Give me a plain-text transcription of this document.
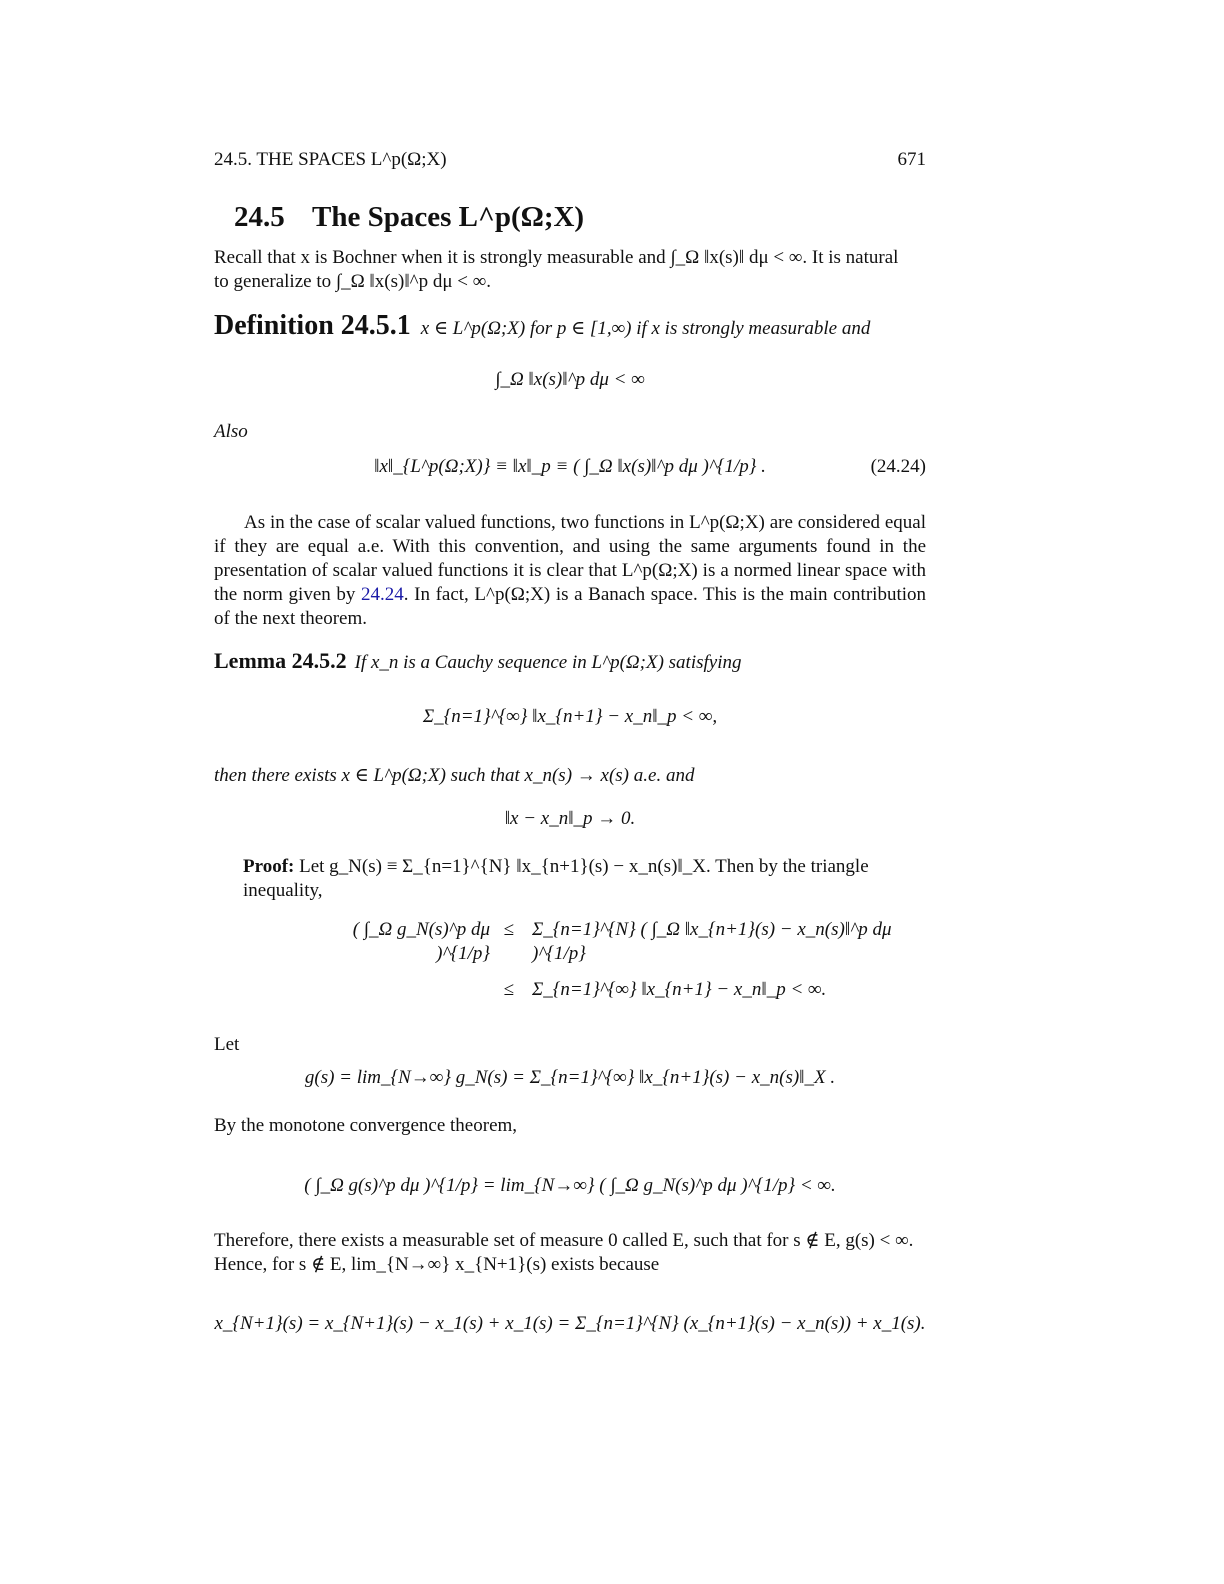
24.5. THE SPACES L^p(Ω;X)	671
24.5 The Spaces L^p(Ω;X)
Recall that x is Bochner when it is strongly measurable and ∫_Ω ‖x(s)‖ dμ < ∞. It is natural
to generalize to ∫_Ω ‖x(s)‖^p dμ < ∞.
Definition 24.5.1 x ∈ L^p(Ω;X) for p ∈ [1,∞) if x is strongly measurable and
∫_Ω ‖x(s)‖^p dμ < ∞
Also
‖x‖_{L^p(Ω;X)} ≡ ‖x‖_p ≡ ( ∫_Ω ‖x(s)‖^p dμ )^{1/p} .	(24.24)
As in the case of scalar valued functions, two functions in L^p(Ω;X) are considered equal if they are equal a.e. With this convention, and using the same arguments found in the presentation of scalar valued functions it is clear that L^p(Ω;X) is a normed linear space with the norm given by 24.24. In fact, L^p(Ω;X) is a Banach space. This is the main contribution of the next theorem.
Lemma 24.5.2 If x_n is a Cauchy sequence in L^p(Ω;X) satisfying
Σ_{n=1}^{∞} ‖x_{n+1} − x_n‖_p < ∞,
then there exists x ∈ L^p(Ω;X) such that x_n(s) → x(s) a.e. and
‖x − x_n‖_p → 0.
Proof: Let g_N(s) ≡ Σ_{n=1}^{N} ‖x_{n+1}(s) − x_n(s)‖_X. Then by the triangle inequality,
( ∫_Ω g_N(s)^p dμ )^{1/p}
≤ Σ_{n=1}^{N} ( ∫_Ω ‖x_{n+1}(s) − x_n(s)‖^p dμ )^{1/p}
≤ Σ_{n=1}^{∞} ‖x_{n+1} − x_n‖_p < ∞.
Let
g(s) = lim_{N→∞} g_N(s) = Σ_{n=1}^{∞} ‖x_{n+1}(s) − x_n(s)‖_X .
By the monotone convergence theorem,
( ∫_Ω g(s)^p dμ )^{1/p} = lim_{N→∞} ( ∫_Ω g_N(s)^p dμ )^{1/p} < ∞.
Therefore, there exists a measurable set of measure 0 called E, such that for s ∉ E, g(s) < ∞.
Hence, for s ∉ E, lim_{N→∞} x_{N+1}(s) exists because
x_{N+1}(s) = x_{N+1}(s) − x_1(s) + x_1(s) = Σ_{n=1}^{N} (x_{n+1}(s) − x_n(s)) + x_1(s).
